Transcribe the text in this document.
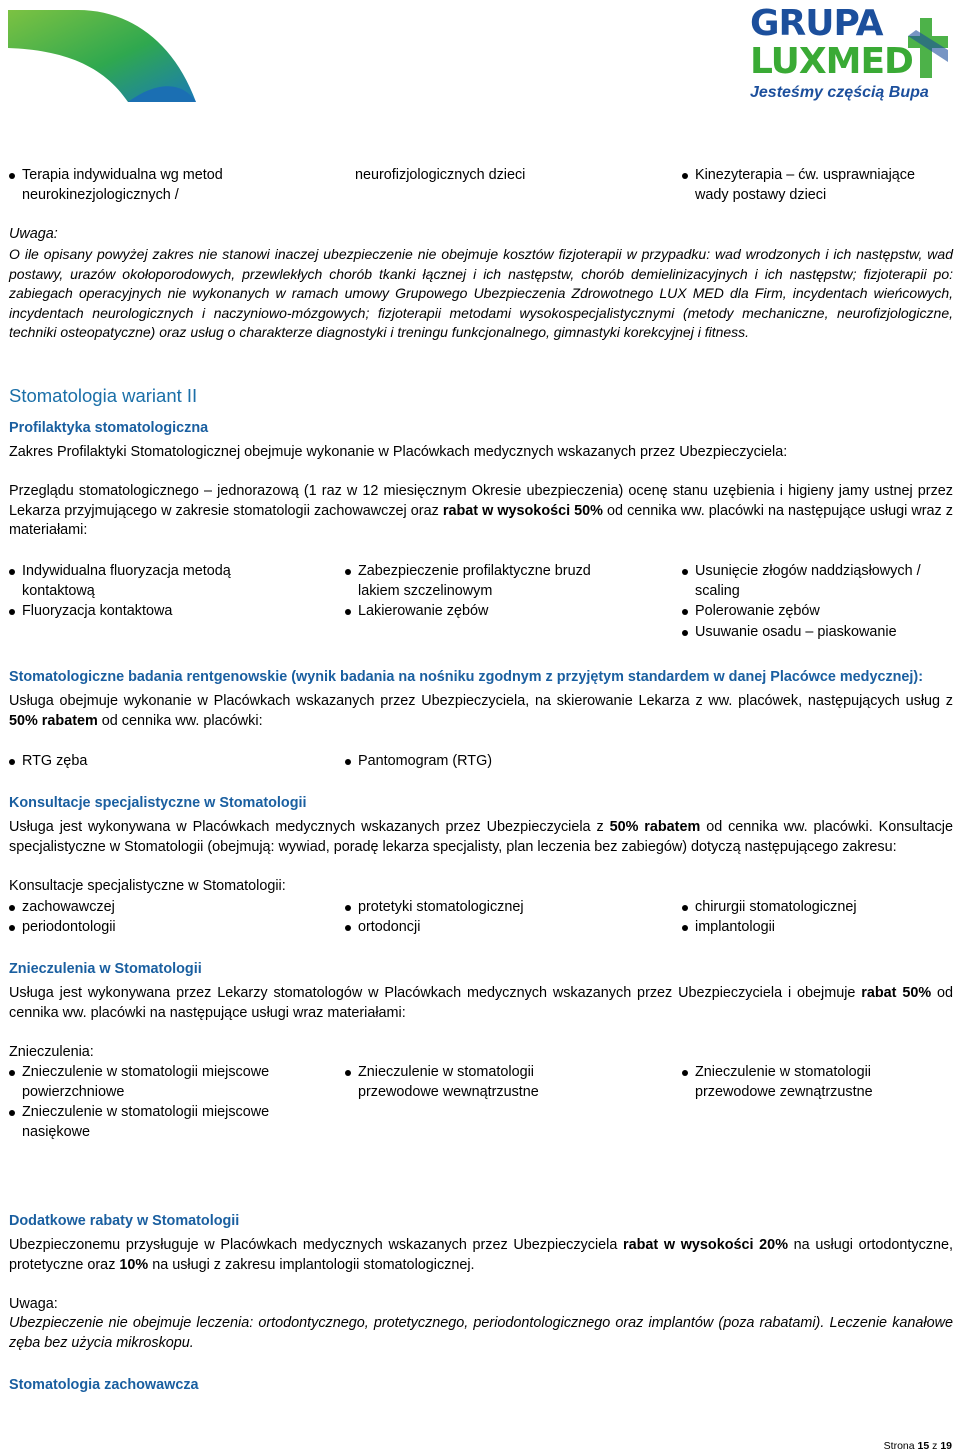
GRUPA
LUXMED
Jesteśmy częścią Bupa
Terapia indywidualna wg metod neurokinezjologicznych /
neurofizjologicznych dzieci	Kinezyterapia – ćw. usprawniające wady postawy dzieci
Uwaga:
O ile opisany powyżej zakres nie stanowi inaczej ubezpieczenie nie obejmuje kosztów fizjoterapii w przypadku: wad wrodzonych i ich następstw, wad postawy, urazów okołoporodowych, przewlekłych chorób tkanki łącznej i ich następstw, chorób demielinizacyjnych i ich następstw; fizjoterapii po: zabiegach operacyjnych nie wykonanych w ramach umowy Grupowego Ubezpieczenia Zdrowotnego LUX MED dla Firm, incydentach wieńcowych, incydentach neurologicznych i naczyniowo-mózgowych; fizjoterapii metodami wysokospecjalistycznymi (metody mechaniczne, neurofizjologiczne, techniki osteopatyczne) oraz usług o charakterze diagnostyki i treningu funkcjonalnego, gimnastyki korekcyjnej i fitness.
Stomatologia wariant II
Profilaktyka stomatologiczna
Zakres Profilaktyki Stomatologicznej obejmuje wykonanie w Placówkach medycznych wskazanych przez Ubezpieczyciela:
Przeglądu stomatologicznego – jednorazową (1 raz w 12 miesięcznym Okresie ubezpieczenia) ocenę stanu uzębienia i higieny jamy ustnej przez Lekarza przyjmującego w zakresie stomatologii zachowawczej oraz rabat w wysokości 50% od cennika ww. placówki na następujące usługi wraz z materiałami:
Indywidualna fluoryzacja metodą kontaktową
Zabezpieczenie profilaktyczne bruzd lakiem szczelinowym
Usunięcie złogów naddziąsłowych / scaling
Fluoryzacja kontaktowa	Lakierowanie zębów	Polerowanie zębów
Usuwanie osadu – piaskowanie
Stomatologiczne badania rentgenowskie (wynik badania na nośniku zgodnym z przyjętym standardem w danej Placówce medycznej):
Usługa obejmuje wykonanie w Placówkach wskazanych przez Ubezpieczyciela, na skierowanie Lekarza z ww. placówek, następujących usług z 50% rabatem od cennika ww. placówki:
RTG zęba	Pantomogram (RTG)
Konsultacje specjalistyczne w Stomatologii
Usługa jest wykonywana w Placówkach medycznych wskazanych przez Ubezpieczyciela z 50% rabatem od cennika ww. placówki. Konsultacje specjalistyczne w Stomatologii (obejmują: wywiad, poradę lekarza specjalisty, plan leczenia bez zabiegów) dotyczą następującego zakresu:
Konsultacje specjalistyczne w Stomatologii:
zachowawczej	protetyki stomatologicznej	chirurgii stomatologicznej
periodontologii	ortodoncji	implantologii
Znieczulenia w Stomatologii
Usługa jest wykonywana przez Lekarzy stomatologów w Placówkach medycznych wskazanych przez Ubezpieczyciela i obejmuje rabat 50% od cennika ww. placówki na następujące usługi wraz materiałami:
Znieczulenia:
Znieczulenie w stomatologii miejscowe powierzchniowe
Znieczulenie w stomatologii przewodowe wewnątrzustne
Znieczulenie w stomatologii przewodowe zewnątrzustne
Znieczulenie w stomatologii miejscowe nasiękowe
Dodatkowe rabaty w Stomatologii
Ubezpieczonemu przysługuje w Placówkach medycznych wskazanych przez Ubezpieczyciela rabat w wysokości 20% na usługi ortodontyczne, protetyczne oraz 10% na usługi z zakresu implantologii stomatologicznej.
Uwaga:
Ubezpieczenie nie obejmuje leczenia: ortodontycznego, protetycznego, periodontologicznego oraz implantów (poza rabatami). Leczenie kanałowe zęba bez użycia mikroskopu.
Stomatologia zachowawcza
Strona 15 z 19
